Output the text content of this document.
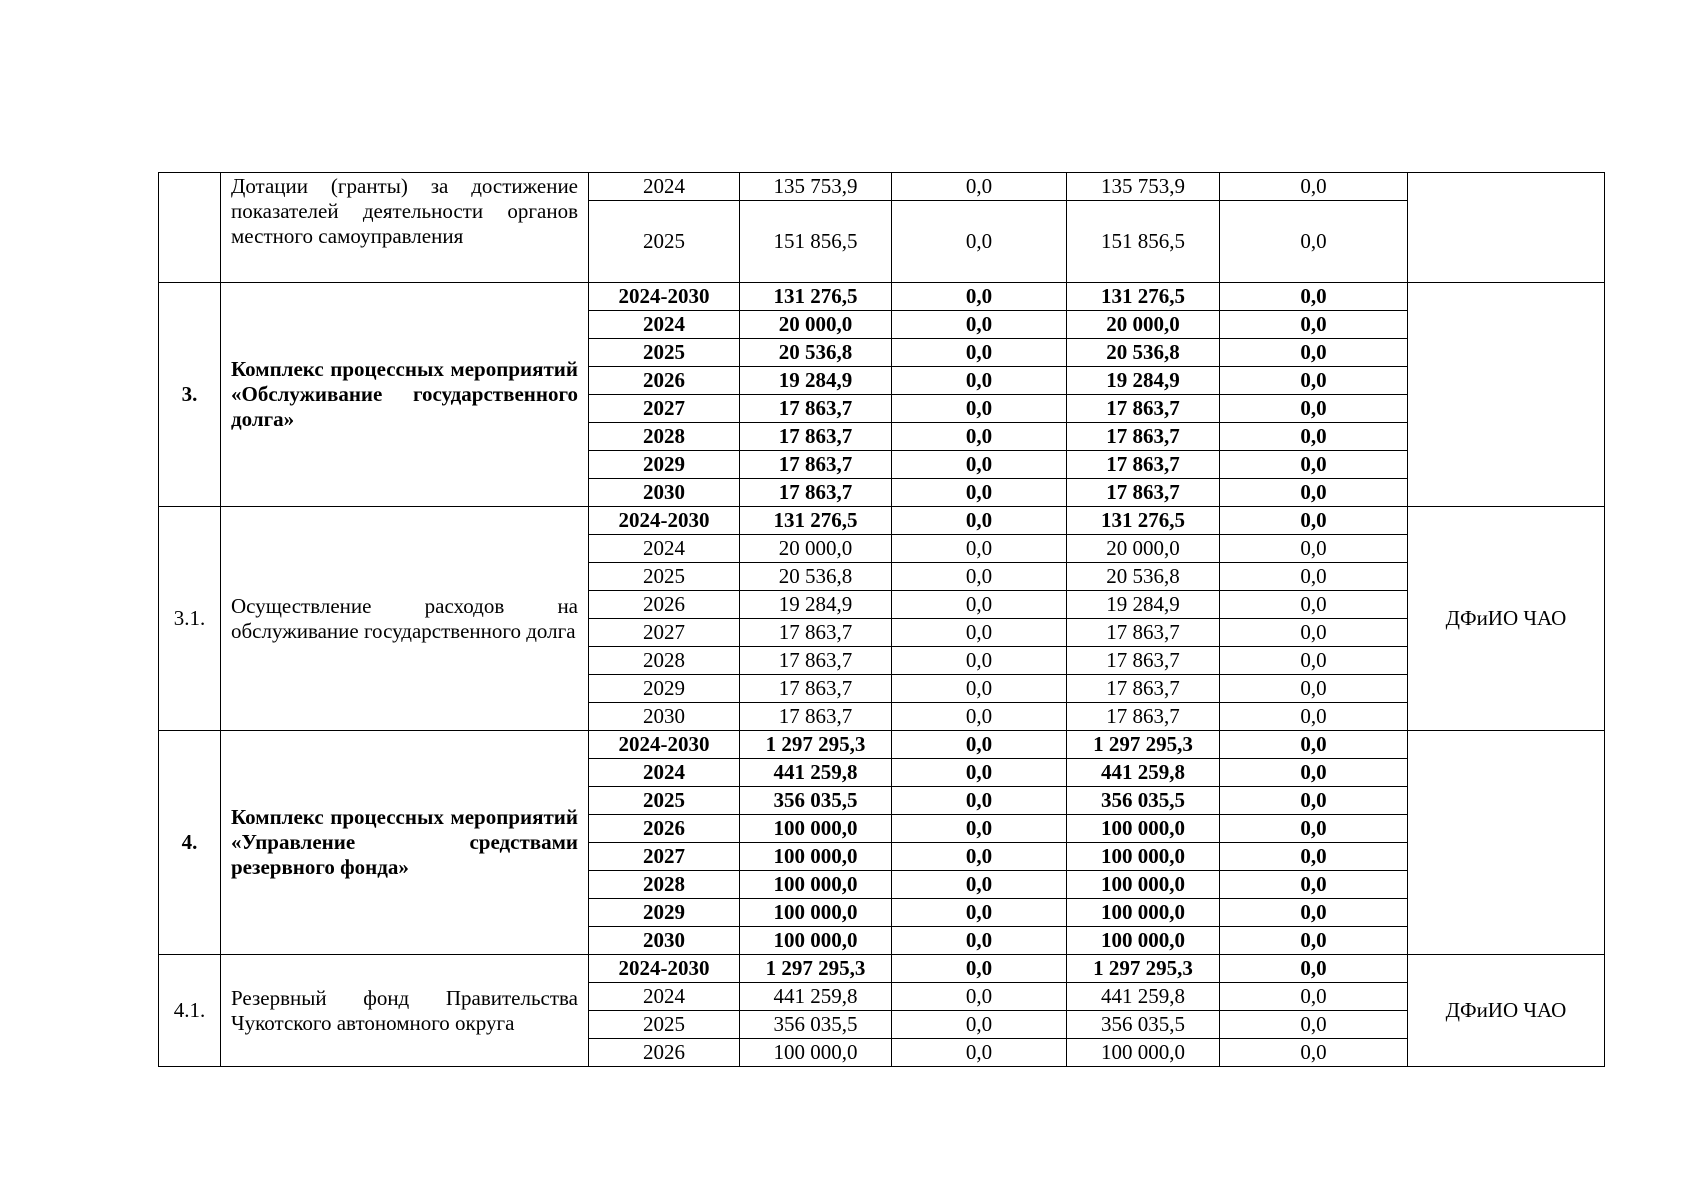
	Дотации (гранты) за достижение показателей деятельности органов местного самоуправления	2024	135 753,9	0,0	135 753,9	0,0	
		2025	151 856,5	0,0	151 856,5	0,0	
3.	Комплекс процессных мероприятий «Обслуживание государственного долга»	2024-2030	131 276,5	0,0	131 276,5	0,0	
		2024	20 000,0	0,0	20 000,0	0,0	
		2025	20 536,8	0,0	20 536,8	0,0	
		2026	19 284,9	0,0	19 284,9	0,0	
		2027	17 863,7	0,0	17 863,7	0,0	
		2028	17 863,7	0,0	17 863,7	0,0	
		2029	17 863,7	0,0	17 863,7	0,0	
		2030	17 863,7	0,0	17 863,7	0,0	
3.1.	Осуществление расходов на обслуживание государственного долга	2024-2030	131 276,5	0,0	131 276,5	0,0	ДФиИО ЧАО
		2024	20 000,0	0,0	20 000,0	0,0	
		2025	20 536,8	0,0	20 536,8	0,0	
		2026	19 284,9	0,0	19 284,9	0,0	
		2027	17 863,7	0,0	17 863,7	0,0	
		2028	17 863,7	0,0	17 863,7	0,0	
		2029	17 863,7	0,0	17 863,7	0,0	
		2030	17 863,7	0,0	17 863,7	0,0	
4.	Комплекс процессных мероприятий «Управление средствами резервного фонда»	2024-2030	1 297 295,3	0,0	1 297 295,3	0,0	
		2024	441 259,8	0,0	441 259,8	0,0	
		2025	356 035,5	0,0	356 035,5	0,0	
		2026	100 000,0	0,0	100 000,0	0,0	
		2027	100 000,0	0,0	100 000,0	0,0	
		2028	100 000,0	0,0	100 000,0	0,0	
		2029	100 000,0	0,0	100 000,0	0,0	
		2030	100 000,0	0,0	100 000,0	0,0	
4.1.	Резервный фонд Правительства Чукотского автономного округа	2024-2030	1 297 295,3	0,0	1 297 295,3	0,0	ДФиИО ЧАО
		2024	441 259,8	0,0	441 259,8	0,0	
		2025	356 035,5	0,0	356 035,5	0,0	
		2026	100 000,0	0,0	100 000,0	0,0	
